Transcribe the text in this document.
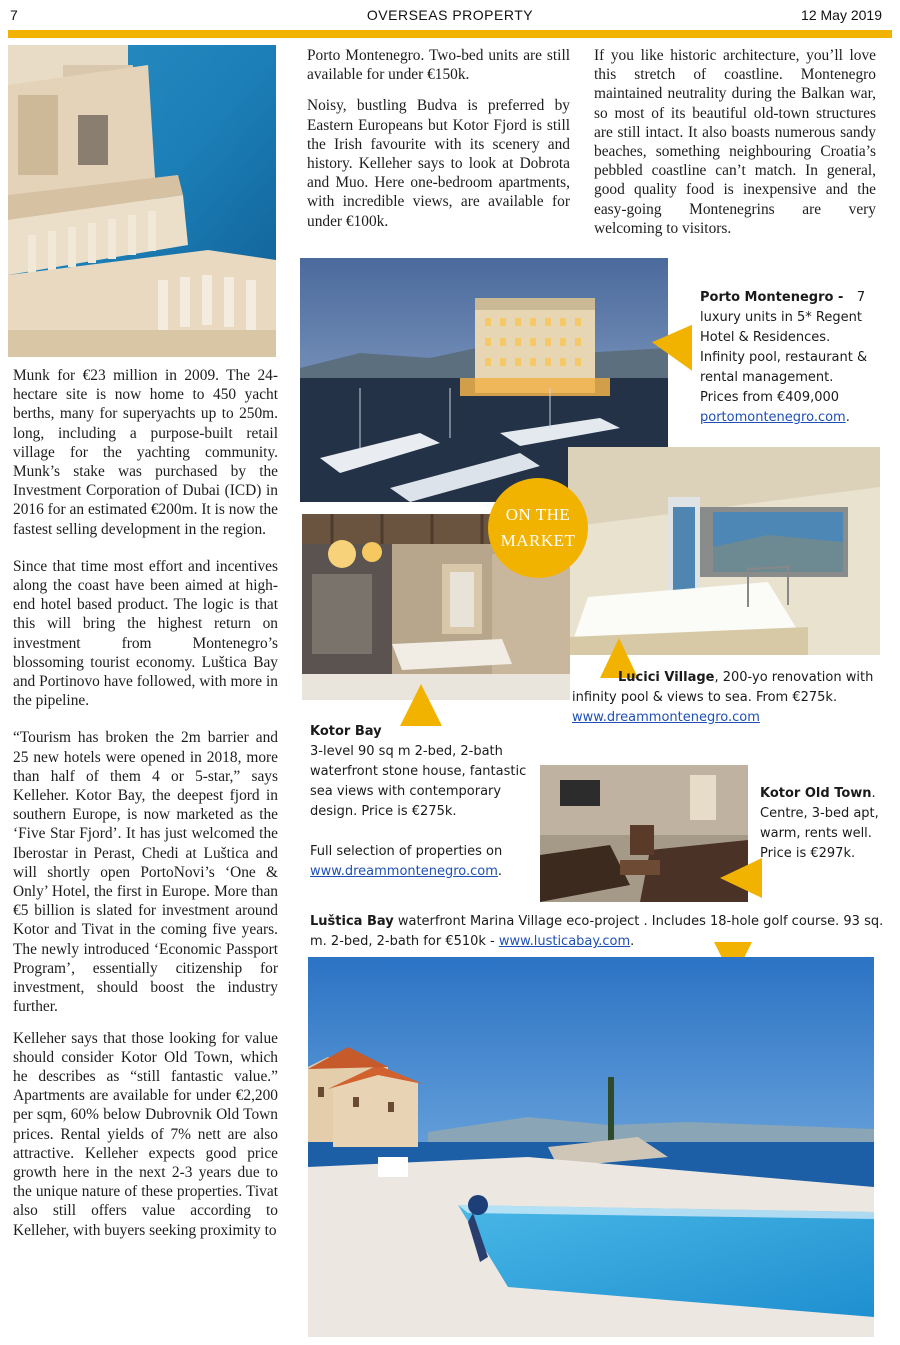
7	OVERSEAS PROPERTY	12 May 2019

Munk for €23 million in 2009. The 24-hectare site is now home to 450 yacht berths, many for superyachts up to 250m. long, including a purpose-built retail village for the yachting community. Munk’s stake was purchased by the Investment Corporation of Dubai (ICD) in 2016 for an estimated €200m. It is now the fastest selling development in the region.

Since that time most effort and incentives along the coast have been aimed at high-end hotel based product. The logic is that this will bring the highest return on investment from Montenegro’s blossoming tourist economy. Luštica Bay and Portinovo have followed, with more in the pipeline.

“Tourism has broken the 2m barrier and 25 new hotels were opened in 2018, more than half of them 4 or 5-star,” says Kelleher. Kotor Bay, the deepest fjord in southern Europe, is now marketed as the ‘Five Star Fjord’. It has just welcomed the Iberostar in Perast, Chedi at Luštica and will shortly open PortoNovi’s ‘One & Only’ Hotel, the first in Europe. More than €5 billion is slated for investment around Kotor and Tivat in the coming five years. The newly introduced ‘Economic Passport Program’, essentially citizenship for investment, should boost the industry further.

Kelleher says that those looking for value should consider Kotor Old Town, which he describes as “still fantastic value.” Apartments are available for under €2,200 per sqm, 60% below Dubrovnik Old Town prices. Rental yields of 7% nett are also attractive. Kelleher expects good price growth here in the next 2-3 years due to the unique nature of these properties. Tivat also still offers value according to Kelleher, with buyers seeking proximity to

Porto Montenegro. Two-bed units are still available for under €150k.

Noisy, bustling Budva is preferred by Eastern Europeans but Kotor Fjord is still the Irish favourite with its scenery and history. Kelleher says to look at Dobrota and Muo. Here one-bedroom apartments, with incredible views, are available for under €100k.

If you like historic architecture, you’ll love this stretch of coastline. Montenegro maintained neutrality during the Balkan war, so most of its beautiful old-town structures are still intact. It also boasts numerous sandy beaches, something neighbouring Croatia’s pebbled coastline can’t match. In general, good quality food is inexpensive and the easy-going Montenegrins are very welcoming to visitors.

Porto Montenegro -   7 luxury units in 5* Regent Hotel & Residences. Infinity pool, restaurant & rental management. Prices from €409,000 portomontenegro.com.
ON THE
MARKET
Lucici Village, 200-yo renovation with infinity pool & views to sea. From €275k. www.dreammontenegro.com
Kotor Bay
3-level 90 sq m 2-bed, 2-bath waterfront stone house, fantastic sea views with contemporary design. Price is €275k.

Full selection of properties on
www.dreammontenegro.com.
Kotor Old Town.
Centre, 3-bed apt, warm, rents well. Price is €297k.
Luštica Bay waterfront Marina Village eco-project . Includes 18-hole golf course. 93 sq. m. 2-bed, 2-bath for €510k - www.lusticabay.com.
